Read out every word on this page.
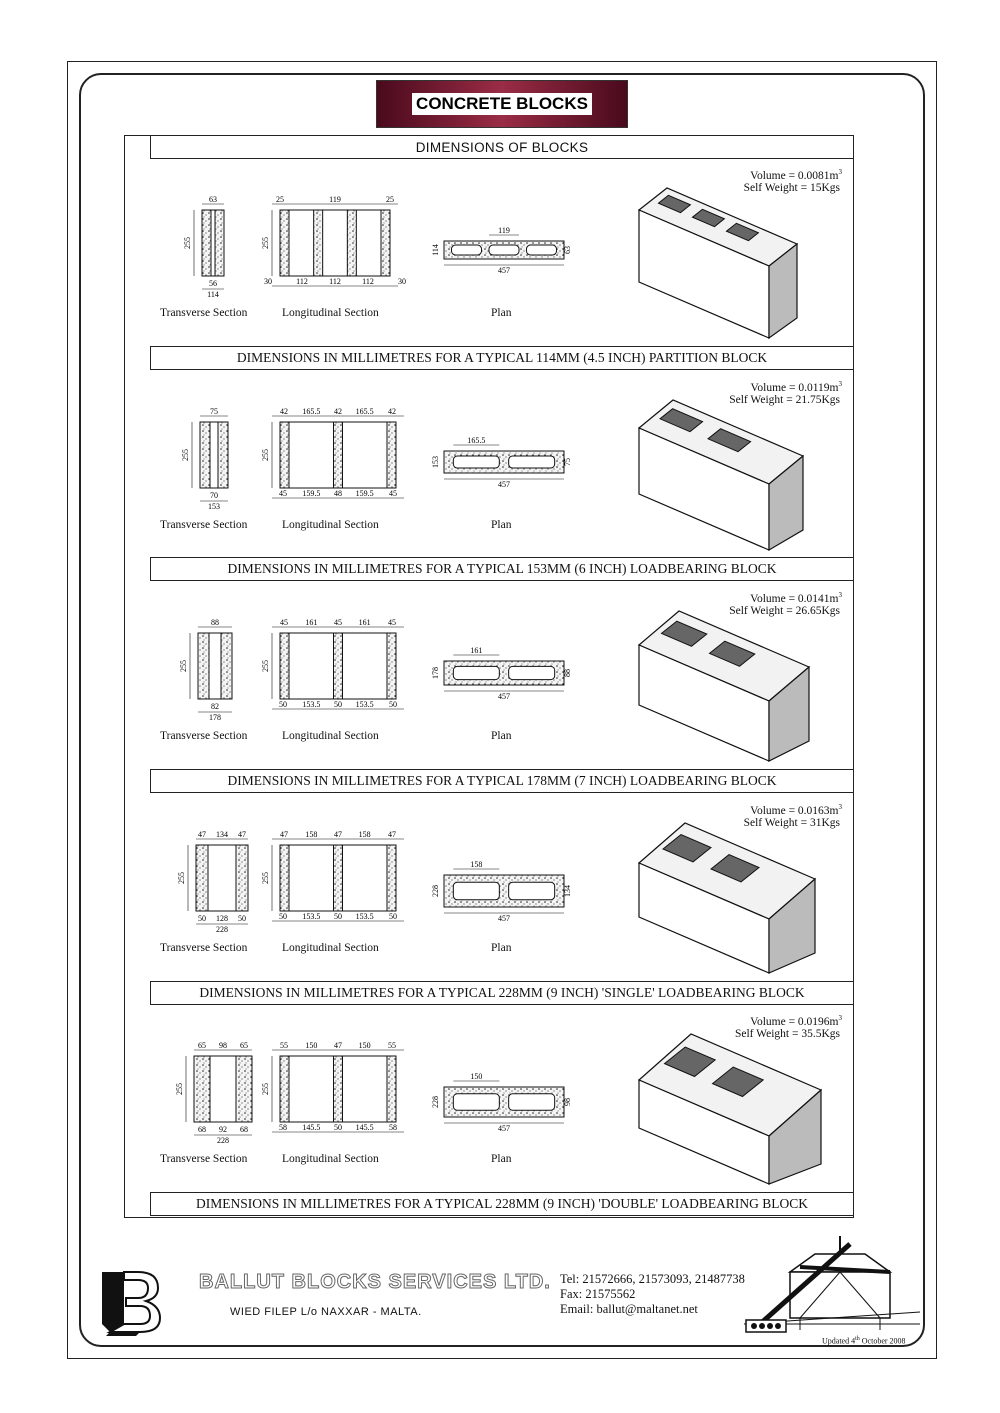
CONCRETE BLOCKS
DIMENSIONS OF BLOCKS
255
63
56
114
255
25	119	25
30	112	112	112	30
119
457
114	63
Volume = $0.0081m^3$
Self Weight = 15Kgs
Transverse Section	Longitudinal Section	Plan
255
75
70
153
255
42 165.5 42 165.5 42
45 159.5 48 159.5 45
165.5
457
153	75
Volume = $0.0119m^3$
Self Weight = 21.75Kgs
Transverse Section	Longitudinal Section	Plan
255
88
82
178
255
45 161 45 161 45
50 153.5 50 153.5 50
161
457
178	88
Volume = $0.0141m^3$
Self Weight = 26.65Kgs
Transverse Section	Longitudinal Section	Plan
255
47 134 47
50 128 50
228
255
47 158 47 158 47
50 153.5 50 153.5 50
158
457
228	134
Volume = $0.0163m^3$
Self Weight = 31Kgs
Transverse Section	Longitudinal Section	Plan
255
65 98 65
68 92 68
228
255
55 150 47 150 55
58 145.5 50 145.5 58
150
457
228	98
Volume = $0.0196m^3$
Self Weight = 35.5Kgs
Transverse Section	Longitudinal Section	Plan
BALLUT BLOCKS SERVICES LTD.
WIED FILEP L/o NAXXAR - MALTA.
Tel: 21572666, 21573093, 21487738
Fax: 21575562
Email: ballut@maltanet.net
Updated 4th October 2008
DIMENSIONS IN MILLIMETRES FOR A TYPICAL 114MM (4.5 INCH) PARTITION BLOCK
DIMENSIONS IN MILLIMETRES FOR A TYPICAL 153MM (6 INCH) LOADBEARING BLOCK
DIMENSIONS IN MILLIMETRES FOR A TYPICAL 178MM (7 INCH) LOADBEARING BLOCK
DIMENSIONS IN MILLIMETRES FOR A TYPICAL 228MM (9 INCH) 'SINGLE' LOADBEARING BLOCK
DIMENSIONS IN MILLIMETRES FOR A TYPICAL 228MM (9 INCH) 'DOUBLE' LOADBEARING BLOCK
